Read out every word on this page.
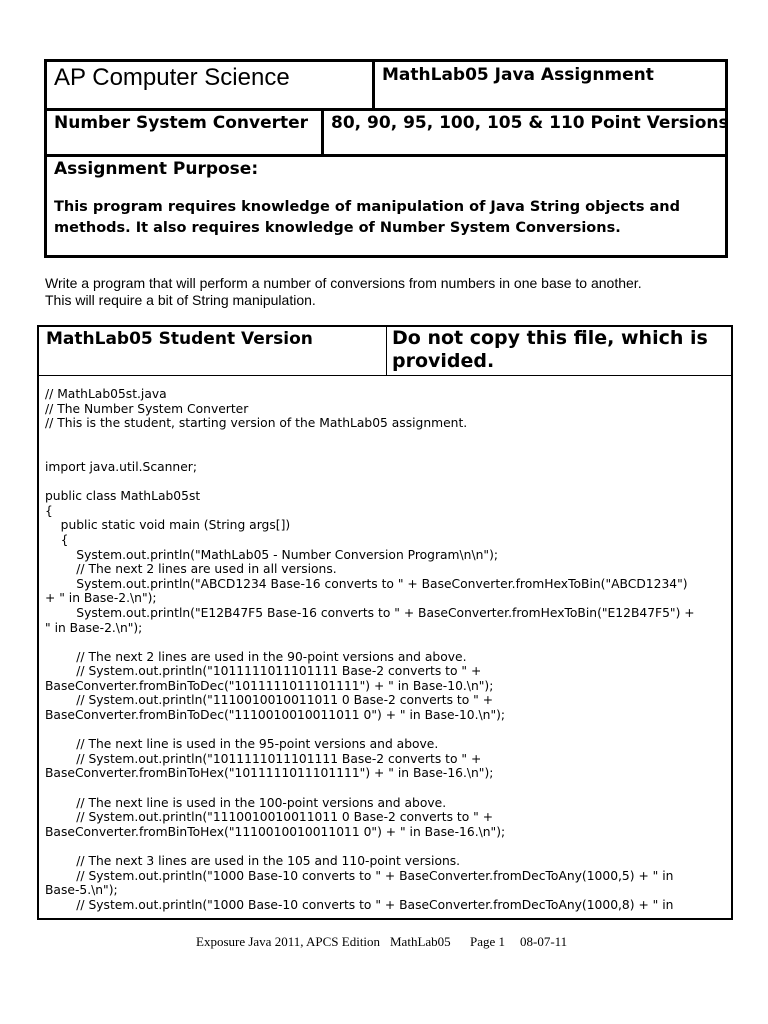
AP Computer Science	MathLab05 Java Assignment
Number System Converter 80, 90, 95, 100, 105 & 110 Point Versions
Assignment Purpose:
This program requires knowledge of manipulation of Java String objects and methods. It also requires knowledge of Number System Conversions.
Write a program that will perform a number of conversions from numbers in one base to another.
This will require a bit of String manipulation.
MathLab05 Student Version	Do not copy this file, which is provided.
// MathLab05st.java
// The Number System Converter
// This is the student, starting version of the MathLab05 assignment.
import java.util.Scanner;
public class MathLab05st
{
public static void main (String args[])
{
System.out.println("MathLab05 - Number Conversion Program\n\n");
// The next 2 lines are used in all versions.
System.out.println("ABCD1234 Base-16 converts to " + BaseConverter.fromHexToBin("ABCD1234")
+ " in Base-2.\n");
System.out.println("E12B47F5 Base-16 converts to " + BaseConverter.fromHexToBin("E12B47F5") +
" in Base-2.\n");
// The next 2 lines are used in the 90-point versions and above.
// System.out.println("1011111011101111 Base-2 converts to " +
BaseConverter.fromBinToDec("1011111011101111") + " in Base-10.\n");
// System.out.println("1110010010011011 0 Base-2 converts to " +
BaseConverter.fromBinToDec("1110010010011011 0") + " in Base-10.\n");
// The next line is used in the 95-point versions and above.
// System.out.println("1011111011101111 Base-2 converts to " +
BaseConverter.fromBinToHex("1011111011101111") + " in Base-16.\n");
// The next line is used in the 100-point versions and above.
// System.out.println("1110010010011011 0 Base-2 converts to " +
BaseConverter.fromBinToHex("1110010010011011 0") + " in Base-16.\n");
// The next 3 lines are used in the 105 and 110-point versions.
// System.out.println("1000 Base-10 converts to " + BaseConverter.fromDecToAny(1000,5) + " in
Base-5.\n");
// System.out.println("1000 Base-10 converts to " + BaseConverter.fromDecToAny(1000,8) + " in
Exposure Java 2011, APCS Edition MathLab05 Page 1 08-07-11
